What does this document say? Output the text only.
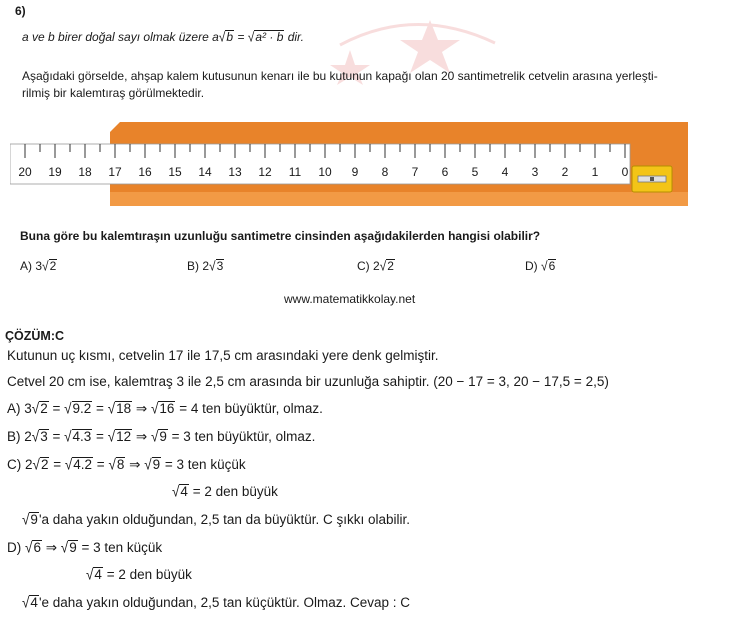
6)
a ve b birer doğal sayı olmak üzere a√b = √a² · b dir.
Aşağıdaki görselde, ahşap kalem kutusunun kenarı ile bu kutunun kapağı olan 20 santimetrelik cetvelin arasına yerleşti-
rilmiş bir kalemtıraş görülmektedir.
20 19 18 17 16 15 14 13 12 11 10 9 8 7 6 5 4 3 2 1 0
Buna göre bu kalemtıraşın uzunluğu santimetre cinsinden aşağıdakilerden hangisi olabilir?
A) 3√2	B) 2√3	C) 2√2	D) √6
www.matematikkolay.net
ÇÖZÜM:C
Kutunun uç kısmı, cetvelin 17 ile 17,5 cm arasındaki yere denk gelmiştir.
Cetvel 20 cm ise, kalemtraş 3 ile 2,5 cm arasında bir uzunluğa sahiptir. (20 − 17 = 3, 20 − 17,5 = 2,5)
A) 3√2 = √9.2 = √18 ⇒ √16 = 4 ten büyüktür, olmaz.
B) 2√3 = √4.3 = √12 ⇒ √9 = 3 ten büyüktür, olmaz.
C) 2√2 = √4.2 = √8 ⇒ √9 = 3 ten küçük
√4 = 2 den büyük
√9'a daha yakın olduğundan, 2,5 tan da büyüktür. C şıkkı olabilir.
D) √6 ⇒ √9 = 3 ten küçük
√4 = 2 den büyük
√4'e daha yakın olduğundan, 2,5 tan küçüktür. Olmaz. Cevap : C
